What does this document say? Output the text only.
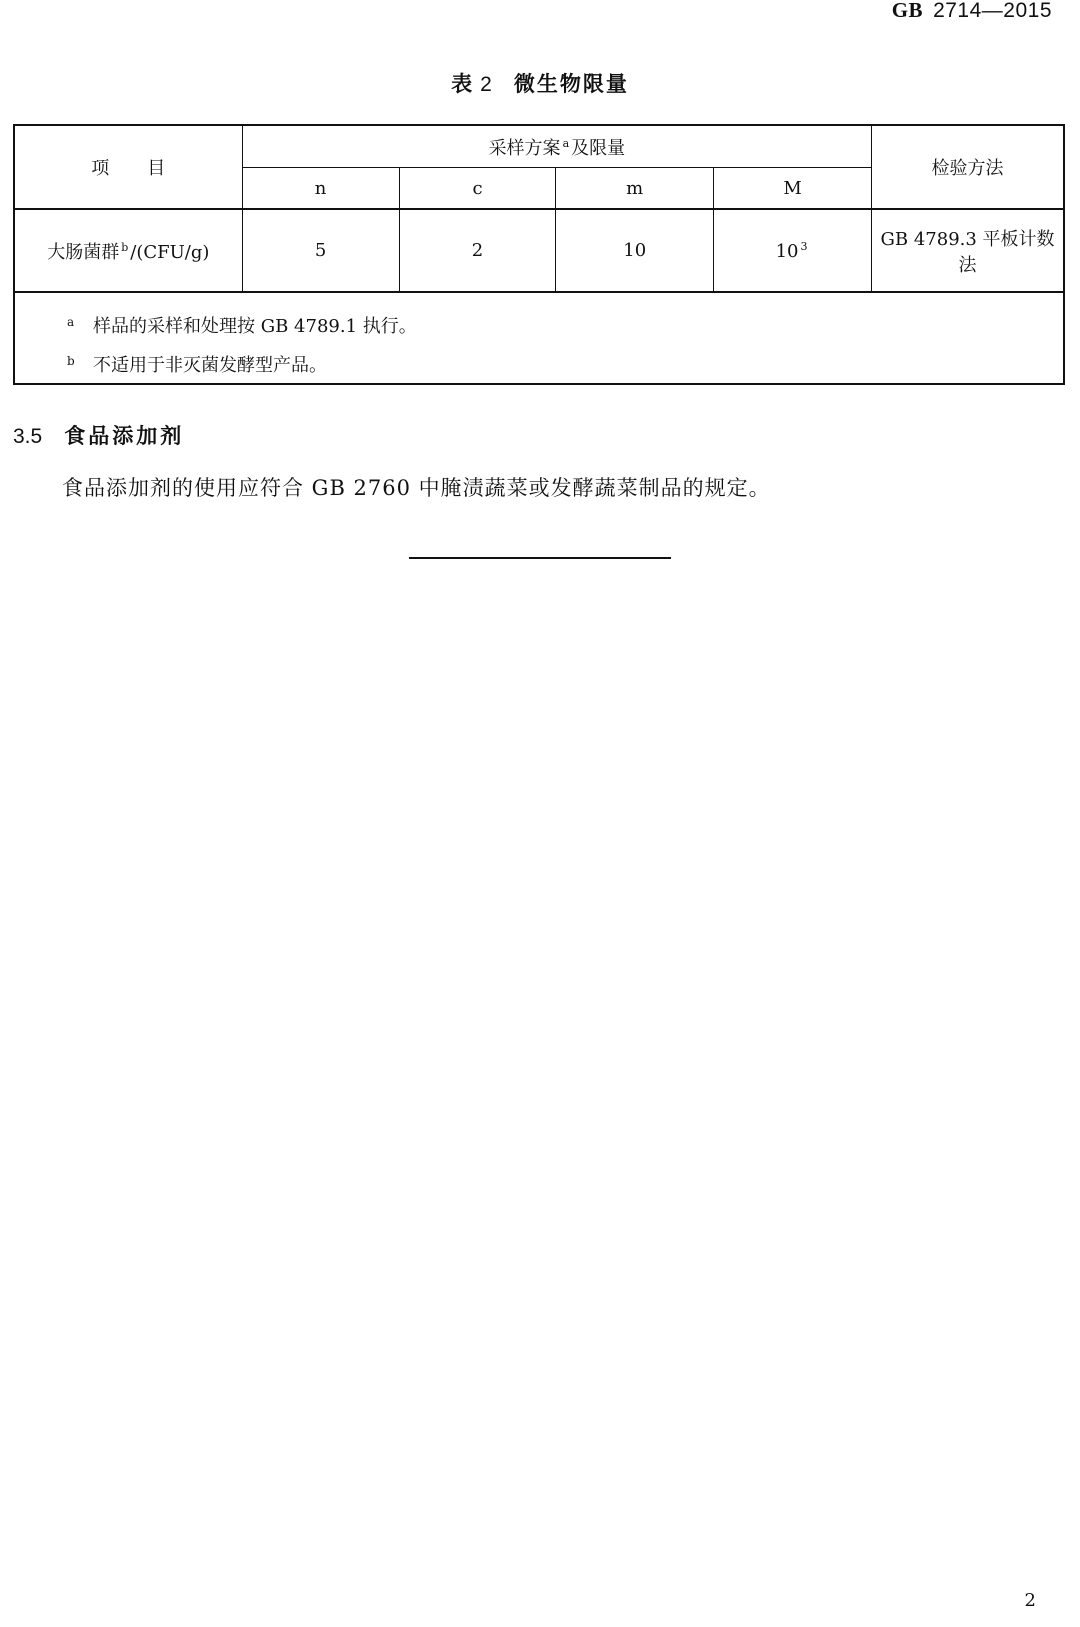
GB 2714—2015
表 2 微生物限量
项目	采样方案 $^a$ 及限量				检验方法
	n	c	m	M	
大肠菌群 $^b$ /(CFU/g)	5	2	10	10 $^3$	GB 4789.3 平板计数法

a 样品的采样和处理按 GB 4789.1 执行。
b 不适用于非灭菌发酵型产品。					
3.5 食品添加剂
食品添加剂的使用应符合 GB 2760 中腌渍蔬菜或发酵蔬菜制品的规定。
2
